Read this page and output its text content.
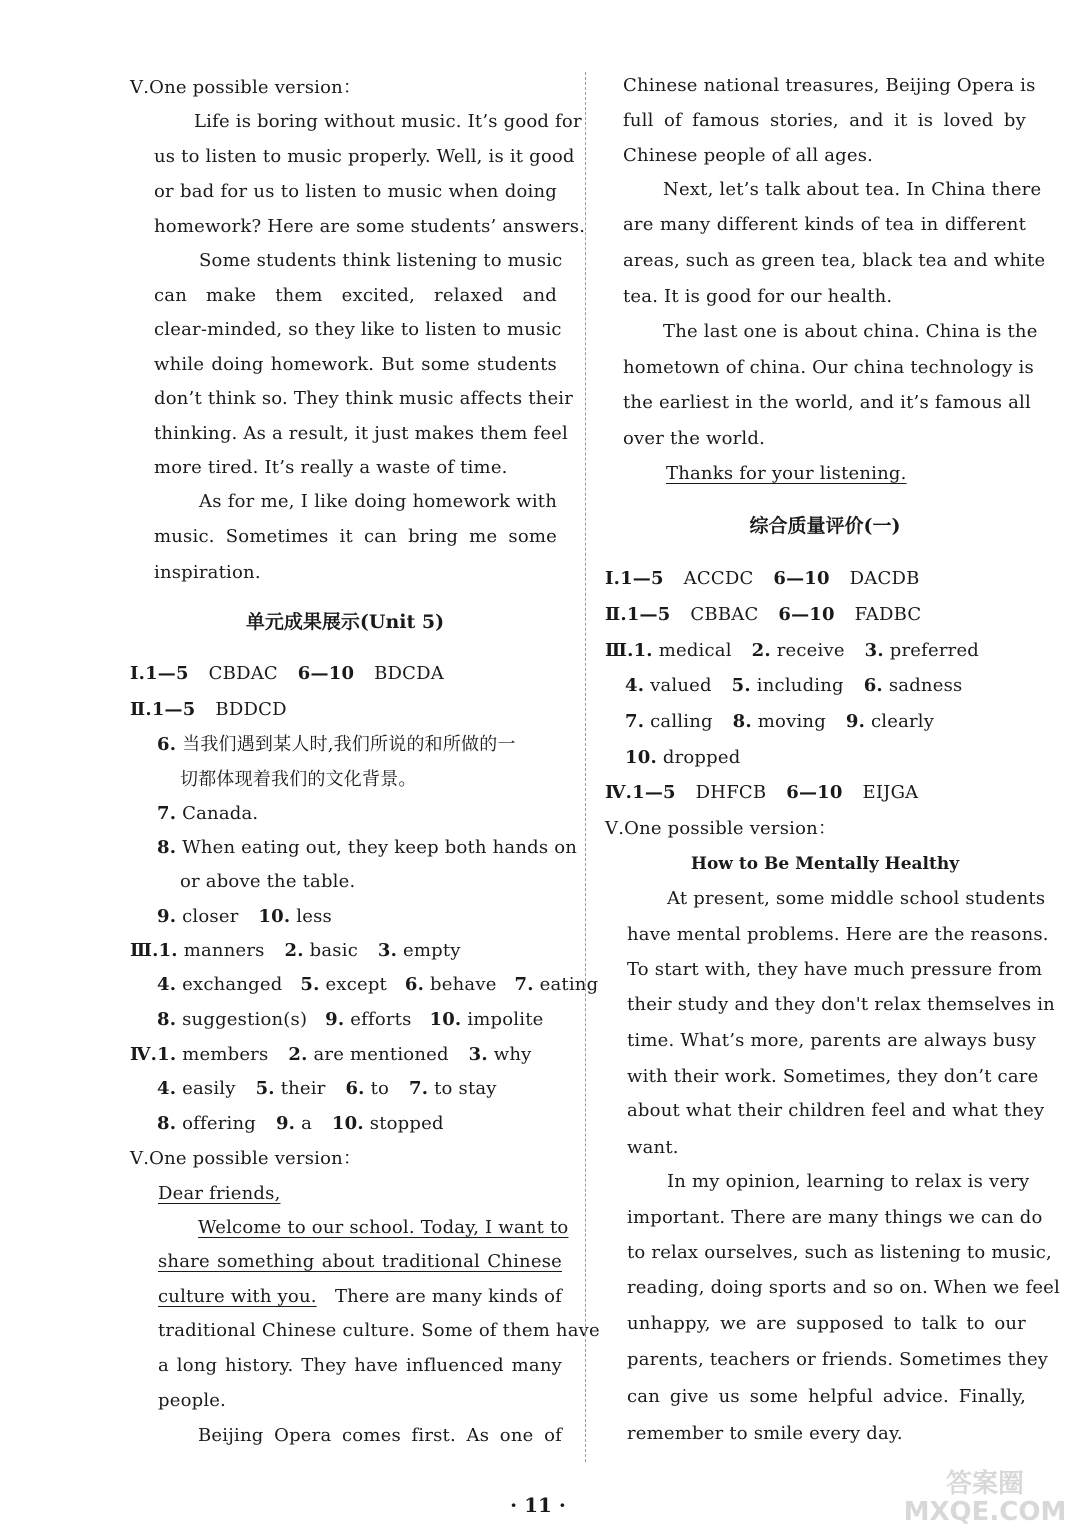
Ⅴ.One possible version：
Life is boring without music. It’s good for
us to listen to music properly. Well, is it good
or bad for us to listen to music when doing
homework? Here are some students’ answers.
Some students think listening to music
can make them excited, relaxed and
clear-minded, so they like to listen to music
while doing homework. But some students
don’t think so. They think music affects their
thinking. As a result, it just makes them feel
more tired. It’s really a waste of time.
As for me, I like doing homework with
music. Sometimes it can bring me some
inspiration.
单元成果展示(Unit 5)
Ⅰ.1—5 CBDAC 6—10 BDCDA
Ⅱ.1—5 BDDCD
6. 当我们遇到某人时,我们所说的和所做的一
切都体现着我们的文化背景。
7. Canada.
8. When eating out, they keep both hands on
or above the table.
9. closer 10. less
Ⅲ.1. manners 2. basic 3. empty
4. exchanged 5. except 6. behave 7. eating
8. suggestion(s) 9. efforts 10. impolite
Ⅳ.1. members 2. are mentioned 3. why
4. easily 5. their 6. to 7. to stay
8. offering 9. a 10. stopped
Ⅴ.One possible version：
Dear friends,
Welcome to our school. Today, I want to
share something about traditional Chinese
culture with you. There are many kinds of
traditional Chinese culture. Some of them have
a long history. They have influenced many
people.
Beijing Opera comes first. As one of
Chinese national treasures, Beijing Opera is
full of famous stories, and it is loved by
Chinese people of all ages.
Next, let’s talk about tea. In China there
are many different kinds of tea in different
areas, such as green tea, black tea and white
tea. It is good for our health.
The last one is about china. China is the
hometown of china. Our china technology is
the earliest in the world, and it’s famous all
over the world.
Thanks for your listening.
综合质量评价(一)
Ⅰ.1—5 ACCDC 6—10 DACDB
Ⅱ.1—5 CBBAC 6—10 FADBC
Ⅲ.1. medical 2. receive 3. preferred
4. valued 5. including 6. sadness
7. calling 8. moving 9. clearly
10. dropped
Ⅳ.1—5 DHFCB 6—10 EIJGA
Ⅴ.One possible version：
How to Be Mentally Healthy
At present, some middle school students
have mental problems. Here are the reasons.
To start with, they have much pressure from
their study and they don't relax themselves in
time. What’s more, parents are always busy
with their work. Sometimes, they don’t care
about what their children feel and what they
want.
In my opinion, learning to relax is very
important. There are many things we can do
to relax ourselves, such as listening to music,
reading, doing sports and so on. When we feel
unhappy, we are supposed to talk to our
parents, teachers or friends. Sometimes they
can give us some helpful advice. Finally,
remember to smile every day.
· 11 ·
答案圈 MXQE.COM
